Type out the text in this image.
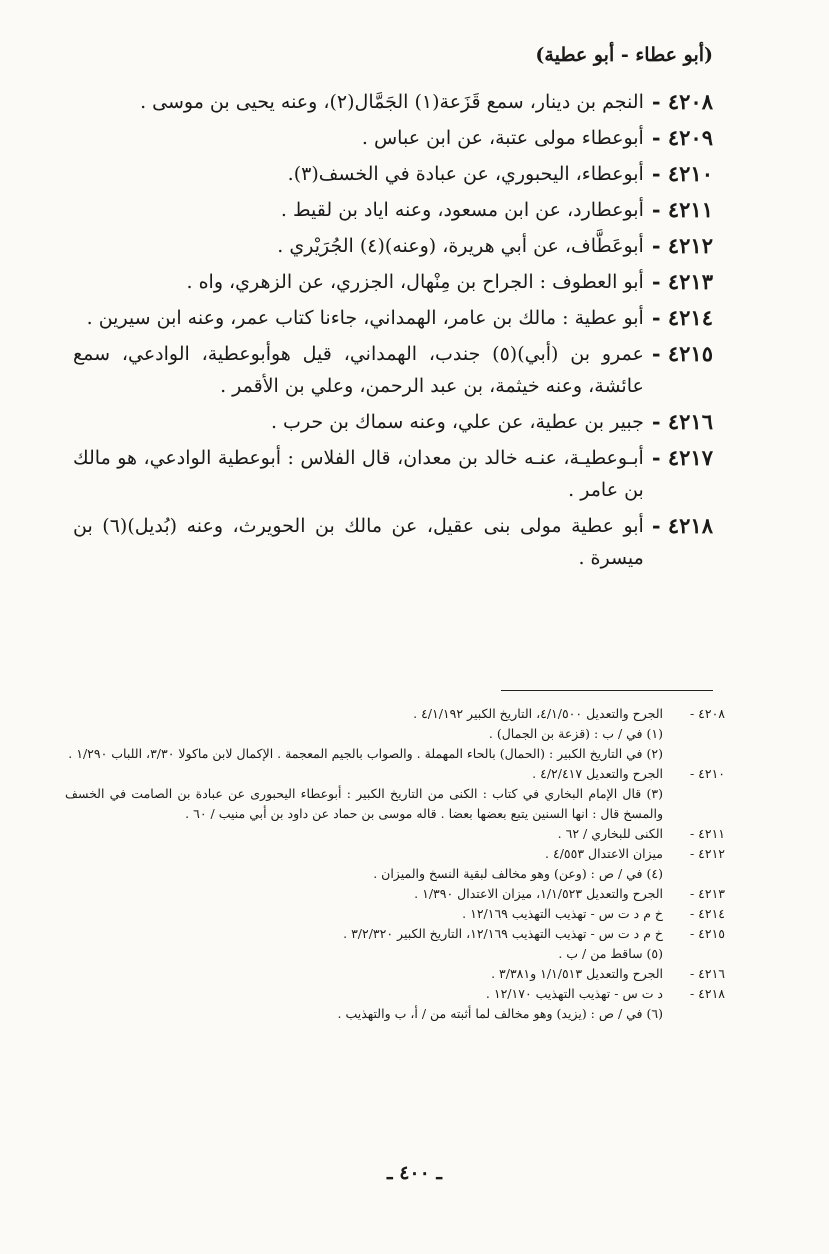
(أبو عطاء - أبو عطية)
٤٢٠٨ -
النجم بن دينار، سمع قَزَعة(١) الجَمَّال(٢)، وعنه يحيى بن موسى .
٤٢٠٩ -
أبوعطاء مولى عتبة، عن ابن عباس .
٤٢١٠ -
أبوعطاء، اليحبوري، عن عبادة في الخسف(٣).
٤٢١١ -
أبوعطارد، عن ابن مسعود، وعنه اياد بن لقيط .
٤٢١٢ -
أبوعَطَّاف، عن أبي هريرة، (وعنه)(٤) الجُرَيْري .
٤٢١٣ -
أبو العطوف : الجراح بن مِنْهال، الجزري، عن الزهري، واه .
٤٢١٤ -
أبو عطية : مالك بن عامر، الهمداني، جاءنا كتاب عمر، وعنه ابن سيرين .
٤٢١٥ -
عمرو بن (أبي)(٥) جندب، الهمداني، قيل هوأبوعطية، الوادعي، سمع عائشة، وعنه خيثمة، بن عبد الرحمن، وعلي بن الأقمر .
٤٢١٦ -
جبير بن عطية، عن علي، وعنه سماك بن حرب .
٤٢١٧ -
أبـوعطيـة، عنـه خالد بن معدان، قال الفلاس : أبوعطية الوادعي، هو مالك بن عامر .
٤٢١٨ -
أبو عطية مولى بنى عقيل، عن مالك بن الحويرث، وعنه (بُديل)(٦) بن ميسرة .
٤٢٠٨ -
الجرح والتعديل ٤/١/٥٠٠، التاريخ الكبير ٤/١/١٩٢ .
(١) في / ب : (قزعة بن الجمال) .
(٢) في التاريخ الكبير : (الحمال) بالحاء المهملة . والصواب بالجيم المعجمة . الإكمال لابن ماكولا ٣/٣٠، اللباب ١/٢٩٠ .
٤٢١٠ -
الجرح والتعديل ٤/٢/٤١٧ .
(٣) قال الإمام البخاري في كتاب : الكنى من التاريخ الكبير : أبوعطاء اليحبورى عن عبادة بن الصامت في الخسف والمسخ قال : انها السنين يتبع بعضها بعضا . قاله موسى بن حماد عن داود بن أبي منيب / ٦٠ .
٤٢١١ -
الكنى للبخاري / ٦٢ .
٤٢١٢ -
ميزان الاعتدال ٤/٥٥٣ .
(٤) في / ص : (وعن) وهو مخالف لبقية النسخ والميزان .
٤٢١٣ -
الجرح والتعديل ١/١/٥٢٣، ميزان الاعتدال ١/٣٩٠ .
٤٢١٤ -
خ م د ت س - تهذيب التهذيب ١٢/١٦٩ .
٤٢١٥ -
خ م د ت س - تهذيب التهذيب ١٢/١٦٩، التاريخ الكبير ٣/٢/٣٢٠ .
(٥) ساقط من / ب .
٤٢١٦ -
الجرح والتعديل ١/١/٥١٣ و٣/٣٨١ .
٤٢١٨ -
د ت س - تهذيب التهذيب ١٢/١٧٠ .
(٦) في / ص : (يزيد) وهو مخالف لما أثبته من / أ، ب والتهذيب .
ـ ٤٠٠ ـ
